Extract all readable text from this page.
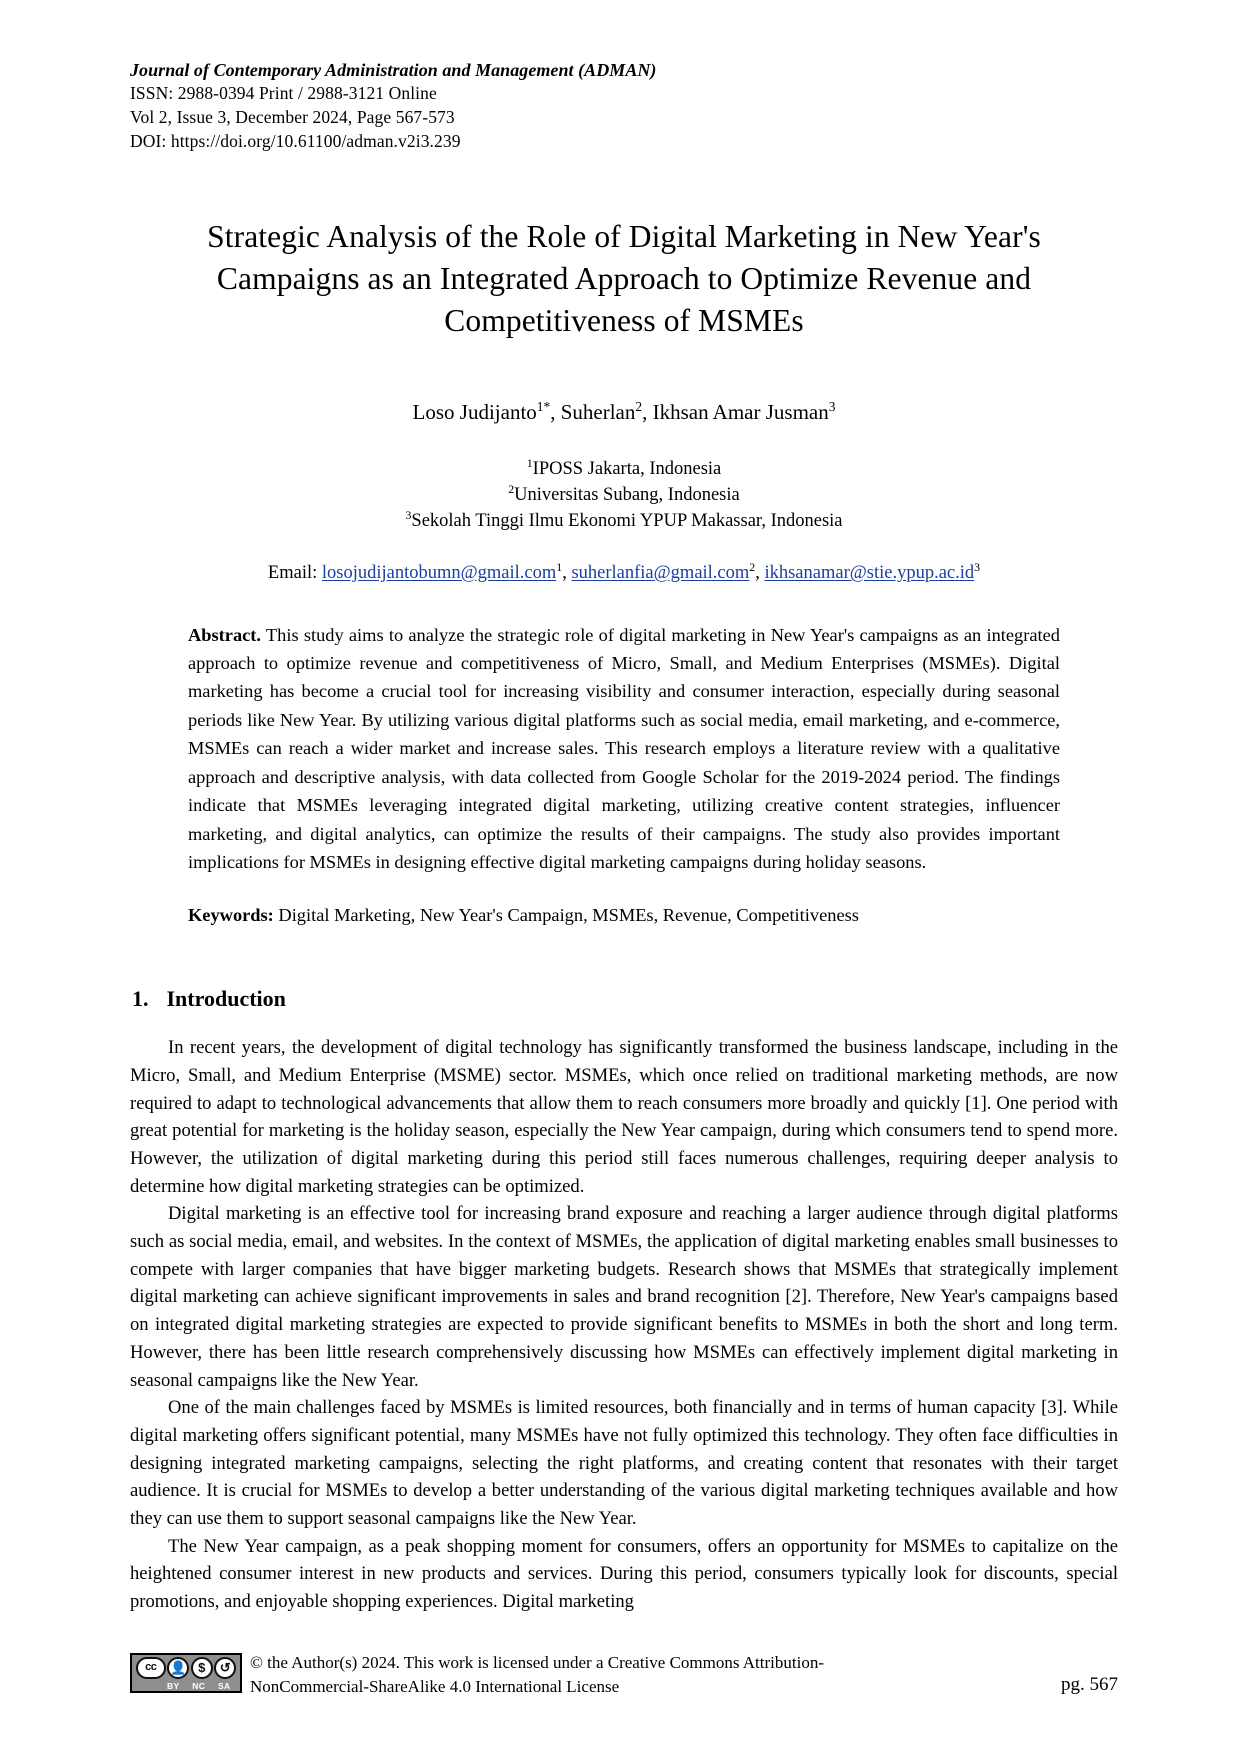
Journal of Contemporary Administration and Management (ADMAN)
ISSN: 2988-0394 Print / 2988-3121 Online
Vol 2, Issue 3, December 2024, Page 567-573
DOI: https://doi.org/10.61100/adman.v2i3.239
Strategic Analysis of the Role of Digital Marketing in New Year's Campaigns as an Integrated Approach to Optimize Revenue and Competitiveness of MSMEs
Loso Judijanto$^{1*}$, Suherlan$^2$, Ikhsan Amar Jusman$^3$
$^1$IPOSS Jakarta, Indonesia
$^2$Universitas Subang, Indonesia
$^3$Sekolah Tinggi Ilmu Ekonomi YPUP Makassar, Indonesia
Email: losojudijantobumn@gmail.com$^1$, suherlanfia@gmail.com$^2$, $ikhsanamar@stie.ypup.ac.id^3$

Abstract. This study aims to analyze the strategic role of digital marketing in New Year's campaigns as an integrated approach to optimize revenue and competitiveness of Micro, Small, and Medium Enterprises (MSMEs). Digital marketing has become a crucial tool for increasing visibility and consumer interaction, especially during seasonal periods like New Year. By utilizing various digital platforms such as social media, email marketing, and e-commerce, MSMEs can reach a wider market and increase sales. This research employs a literature review with a qualitative approach and descriptive analysis, with data collected from Google Scholar for the 2019-2024 period. The findings indicate that MSMEs leveraging integrated digital marketing, utilizing creative content strategies, influencer marketing, and digital analytics, can optimize the results of their campaigns. The study also provides important implications for MSMEs in designing effective digital marketing campaigns during holiday seasons.

Keywords: Digital Marketing, New Year's Campaign, MSMEs, Revenue, Competitiveness

1. Introduction

In recent years, the development of digital technology has significantly transformed the business landscape, including in the Micro, Small, and Medium Enterprise (MSME) sector. MSMEs, which once relied on traditional marketing methods, are now required to adapt to technological advancements that allow them to reach consumers more broadly and quickly [1]. One period with great potential for marketing is the holiday season, especially the New Year campaign, during which consumers tend to spend more. However, the utilization of digital marketing during this period still faces numerous challenges, requiring deeper analysis to determine how digital marketing strategies can be optimized.

Digital marketing is an effective tool for increasing brand exposure and reaching a larger audience through digital platforms such as social media, email, and websites. In the context of MSMEs, the application of digital marketing enables small businesses to compete with larger companies that have bigger marketing budgets. Research shows that MSMEs that strategically implement digital marketing can achieve significant improvements in sales and brand recognition [2]. Therefore, New Year's campaigns based on integrated digital marketing strategies are expected to provide significant benefits to MSMEs in both the short and long term. However, there has been little research comprehensively discussing how MSMEs can effectively implement digital marketing in seasonal campaigns like the New Year.

One of the main challenges faced by MSMEs is limited resources, both financially and in terms of human capacity [3]. While digital marketing offers significant potential, many MSMEs have not fully optimized this technology. They often face difficulties in designing integrated marketing campaigns, selecting the right platforms, and creating content that resonates with their target audience. It is crucial for MSMEs to develop a better understanding of the various digital marketing techniques available and how they can use them to support seasonal campaigns like the New Year.

The New Year campaign, as a peak shopping moment for consumers, offers an opportunity for MSMEs to capitalize on the heightened consumer interest in new products and services. During this period, consumers typically look for discounts, special promotions, and enjoyable shopping experiences. Digital marketing

cc	👤 $	↺
BY	NC	SA
© the Author(s) 2024. This work is licensed under a Creative Commons Attribution-
NonCommercial-ShareAlike 4.0 International License	pg. 567
